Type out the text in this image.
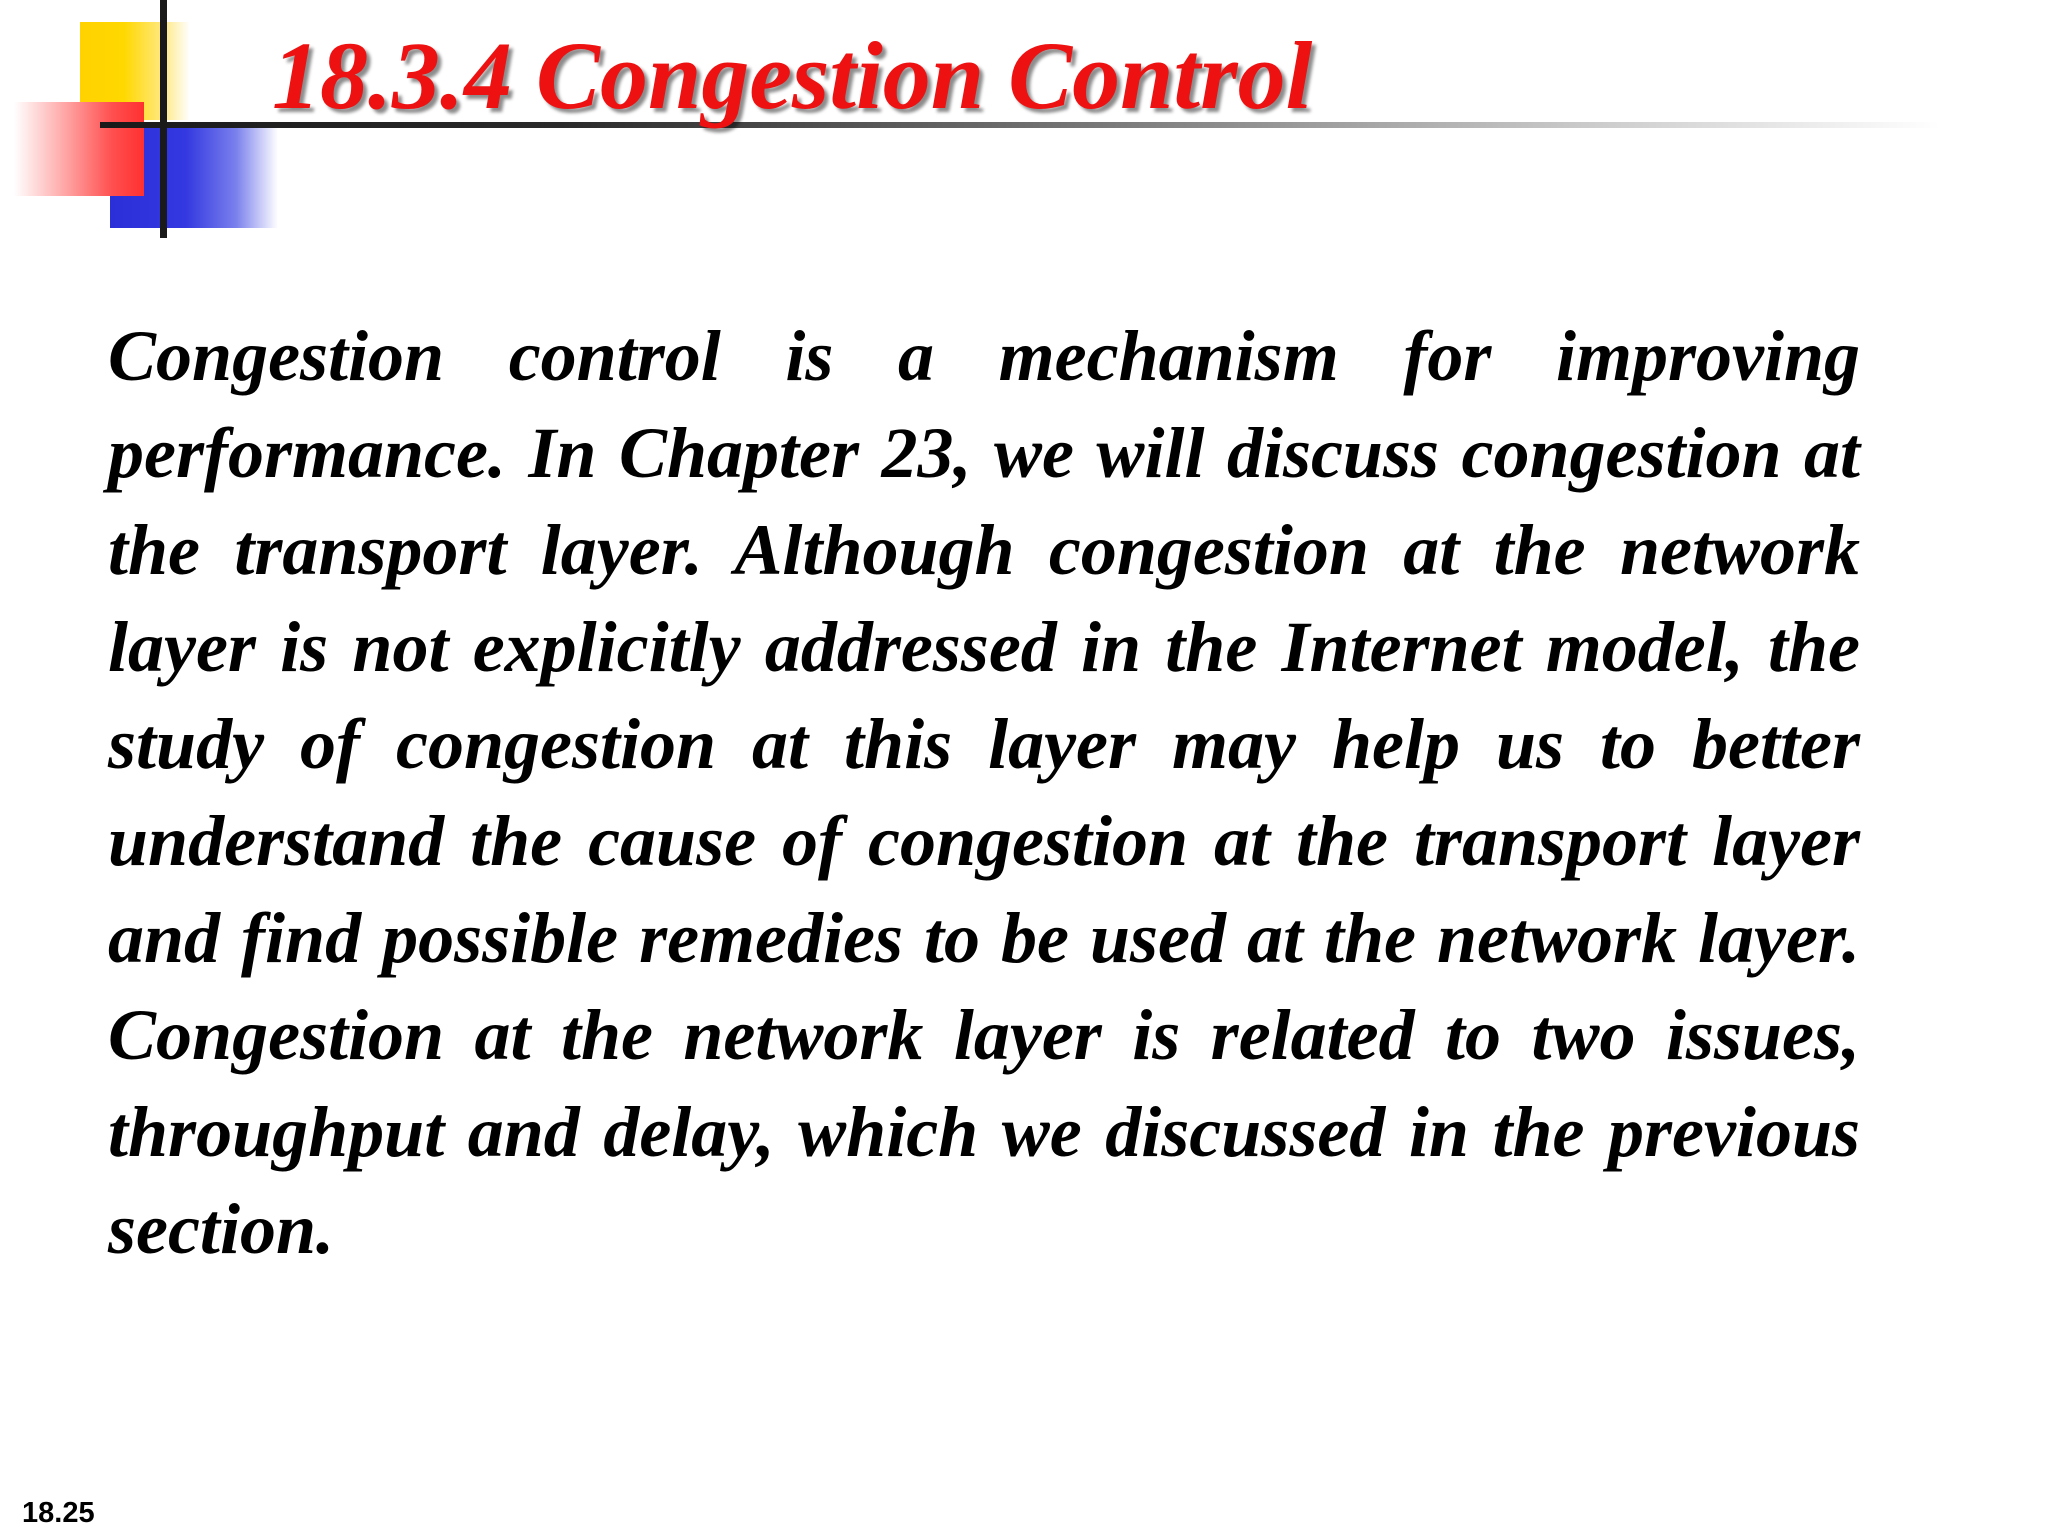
18.3.4 Congestion Control

Congestion control is a mechanism for improving performance. In Chapter 23, we will discuss congestion at the transport layer. Although congestion at the network layer is not explicitly addressed in the Internet model, the study of congestion at this layer may help us to better understand the cause of congestion at the transport layer and find possible remedies to be used at the network layer. Congestion at the network layer is related to two issues, throughput and delay, which we discussed in the previous section.

18.25
